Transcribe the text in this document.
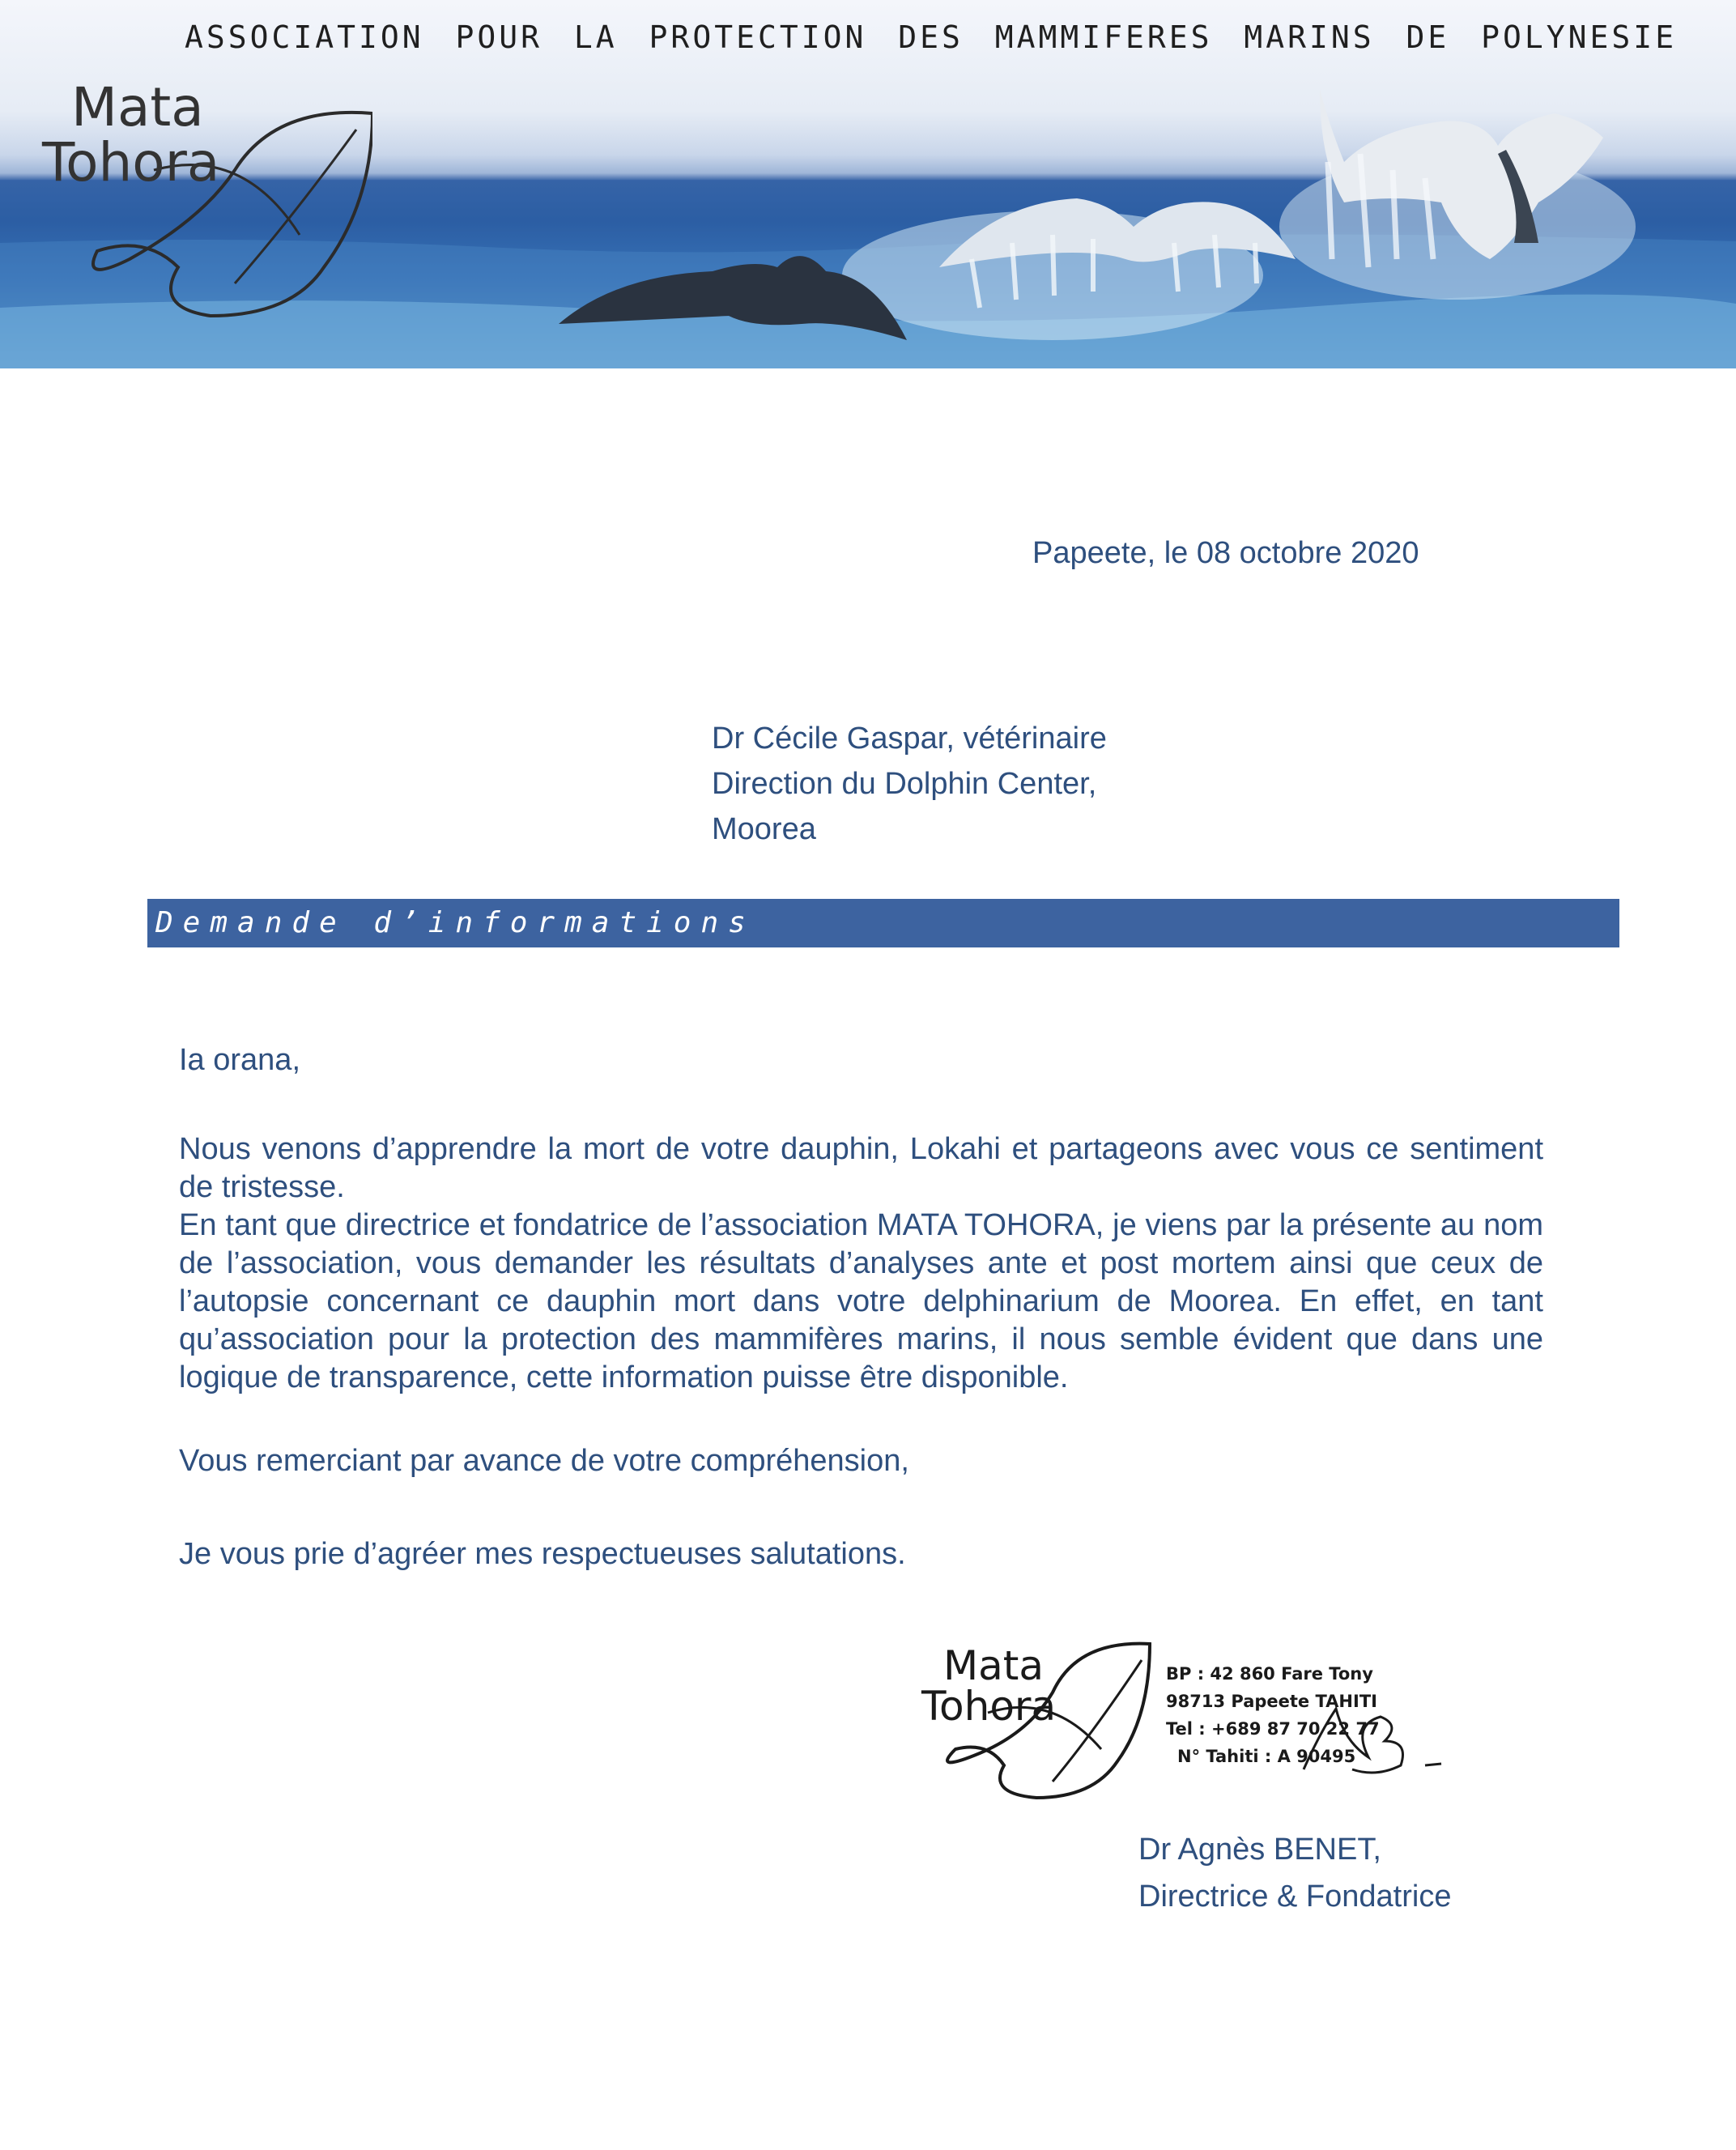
ASSOCIATION POUR LA PROTECTION DES MAMMIFERES MARINS DE POLYNESIE
Mata
Tohora
Papeete, le 08 octobre 2020
Dr Cécile Gaspar, vétérinaire
Direction du Dolphin Center,
Moorea
Demande d’informations
Ia orana,

Nous venons d’apprendre la mort de votre dauphin, Lokahi et partageons avec vous ce sentiment de tristesse.

En tant que directrice et fondatrice de l’association MATA TOHORA, je viens par la présente au nom de l’association, vous demander les résultats d’analyses ante et post mortem ainsi que ceux de l’autopsie concernant ce dauphin mort dans votre delphinarium de Moorea. En effet, en tant qu’association pour la protection des mammifères marins, il nous semble évident que dans une logique de transparence, cette information puisse être disponible.

Vous remerciant par avance de votre compréhension,
Je vous prie d’agréer mes respectueuses salutations.
Mata
Tohora
BP : 42 860 Fare Tony
98713 Papeete TAHITI
Tel : +689 87 70 22 77
N° Tahiti : A 90495
Dr Agnès BENET,
Directrice & Fondatrice
